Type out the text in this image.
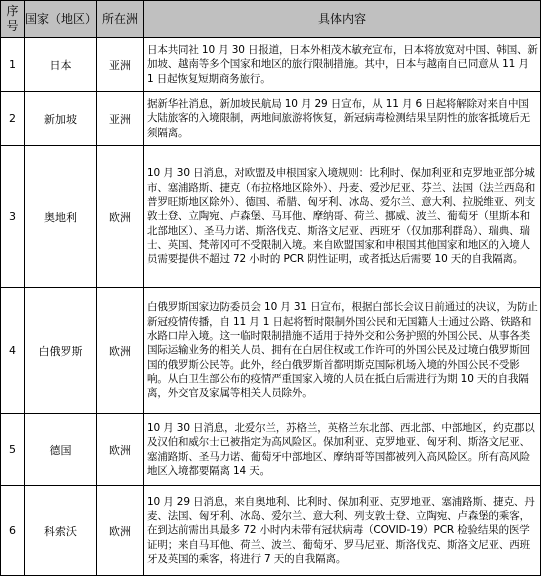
序号	国家（地区）	所在洲	具体内容
1	日本	亚洲	日本共同社 10 月 30 日报道，日本外相茂木敏充宣布，日本将放宽对中国、韩国、新加坡、越南等多个国家和地区的旅行限制措施。其中，日本与越南自已同意从 11 月 1 日起恢复短期商务旅行。
2	新加坡	亚洲	据新华社消息，新加坡民航局 10 月 29 日宣布，从 11 月 6 日起将解除对来自中国大陆旅客的入境限制，两地间旅游将恢复，新冠病毒检测结果呈阴性的旅客抵境后无须隔离。
3	奥地利	欧洲	10 月 30 日消息，对欧盟及申根国家入境规则：比利时、保加利亚和克罗地亚部分城市、塞浦路斯、捷克（布拉格地区除外）、丹麦、爱沙尼亚、芬兰、法国（法兰西岛和普罗旺斯地区除外）、德国、希腊、匈牙利、冰岛、爱尔兰、意大利、拉脱维亚、列支敦士登、立陶宛、卢森堡、马耳他、摩纳哥、荷兰、挪威、波兰、葡萄牙（里斯本和北部地区）、圣马力诺、斯洛伐克、斯洛文尼亚、西班牙（仅加那利群岛）、瑞典、瑞士、英国、梵蒂冈可不受限制入境。来自欧盟国家和申根国其他国家和地区的入境人员需要提供不超过 72 小时的 PCR 阴性证明，或者抵达后需要 10 天的自我隔离。
4	白俄罗斯	欧洲	白俄罗斯国家边防委员会 10 月 31 日宣布，根据白部长会议日前通过的决议，为防止新冠疫情传播，自 11 月 1 日起将暂时限制外国公民和无国籍人士通过公路、铁路和水路口岸入境。这一临时限制措施不适用于持外交和公务护照的外国公民、从事各类国际运输业务的相关人员、拥有在白居住权或工作许可的外国公民及过境白俄罗斯回国的俄罗斯公民等。此外，经白俄罗斯首都明斯克国际机场入境的外国公民不受影响。从白卫生部公布的疫情严重国家入境的人员在抵白后需进行为期 10 天的自我隔离，外交官及家属等相关人员除外。
5	德国	欧洲	10 月 30 日消息，北爱尔兰，苏格兰，英格兰东北部、西北部、中部地区，约克郡以及汉伯和威尔士已被指定为高风险区。保加利亚、克罗地亚、匈牙利、斯洛文尼亚、塞浦路斯、圣马力诺、葡萄牙中部地区、摩纳哥等国都被列入高风险区。所有高风险地区入境都要隔离 14 天。
6	科索沃	欧洲	10 月 29 日消息，来自奥地利、比利时、保加利亚、克罗地亚、塞浦路斯、捷克、丹麦、法国、匈牙利、冰岛、爱尔兰、意大利、列支敦士登、立陶宛、卢森堡的乘客，在到达前需出具最多 72 小时内未带有冠状病毒（COVID-19）PCR 检验结果的医学证明；来自马耳他、荷兰、波兰、葡萄牙、罗马尼亚、斯洛伐克、斯洛文尼亚、西班牙及英国的乘客，将进行 7 天的自我隔离。
